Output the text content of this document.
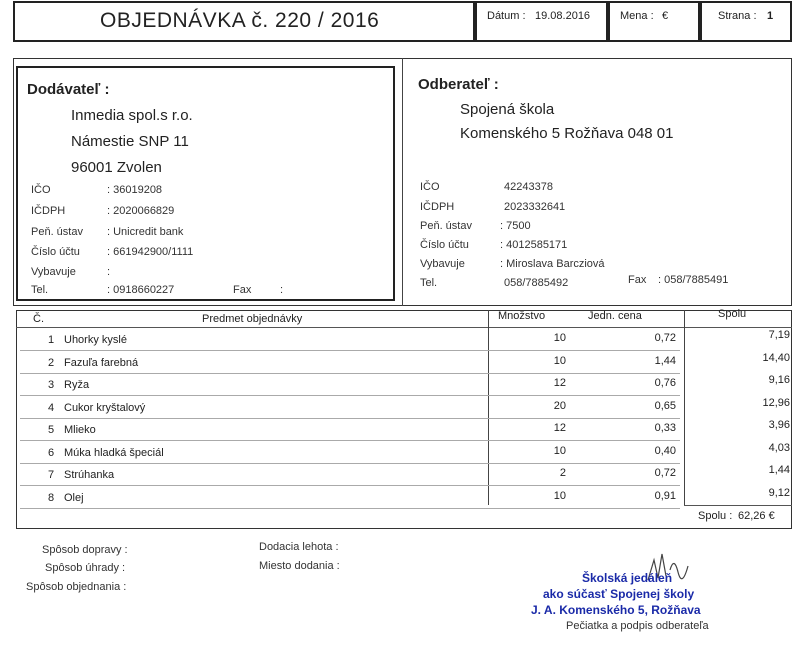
OBJEDNÁVKA č. 220 / 2016	Dátum : 19.08.2016	Mena : €	Strana : 1
Dodávateľ :
Inmedia spol.s r.o.
Námestie SNP 11
96001 Zvolen
IČO	: 36019208
IČDPH	: 2020066829
Peň. ústav : Unicredit bank
Číslo účtu : 661942900/1111
Vybavuje	:
Tel.	: 0918660227	Fax	:
Odberateľ :
Spojená škola
Komenského 5 Rožňava 048 01
IČO	42243378
IČDPH	2023332641
Peň. ústav	: 7500
Číslo účtu	: 4012585171
Vybavuje	: Miroslava Barcziová
Tel.	058/7885492	Fax : 058/7885491
Č.	Predmet objednávky	Množstvo	Jedn. cena	Spolu
1 Uhorky kyslé	10	0,72	7,19
2 Fazuľa farebná	10	1,44	14,40
3 Ryža	12	0,76	9,16
4 Cukor kryštalový	20	0,65	12,96
5 Mlieko	12	0,33	3,96
6 Múka hladká špeciál	10	0,40	4,03
7 Strúhanka	2	0,72	1,44
8 Olej	10	0,91	9,12
Spolu : 62,26 €
Spôsob dopravy :
Spôsob úhrady :
Spôsob objednania :
Dodacia lehota :
Miesto dodania :
Školská jedáleň
ako súčasť Spojenej školy
J. A. Komenského 5, Rožňava
Pečiatka a podpis odberateľa
